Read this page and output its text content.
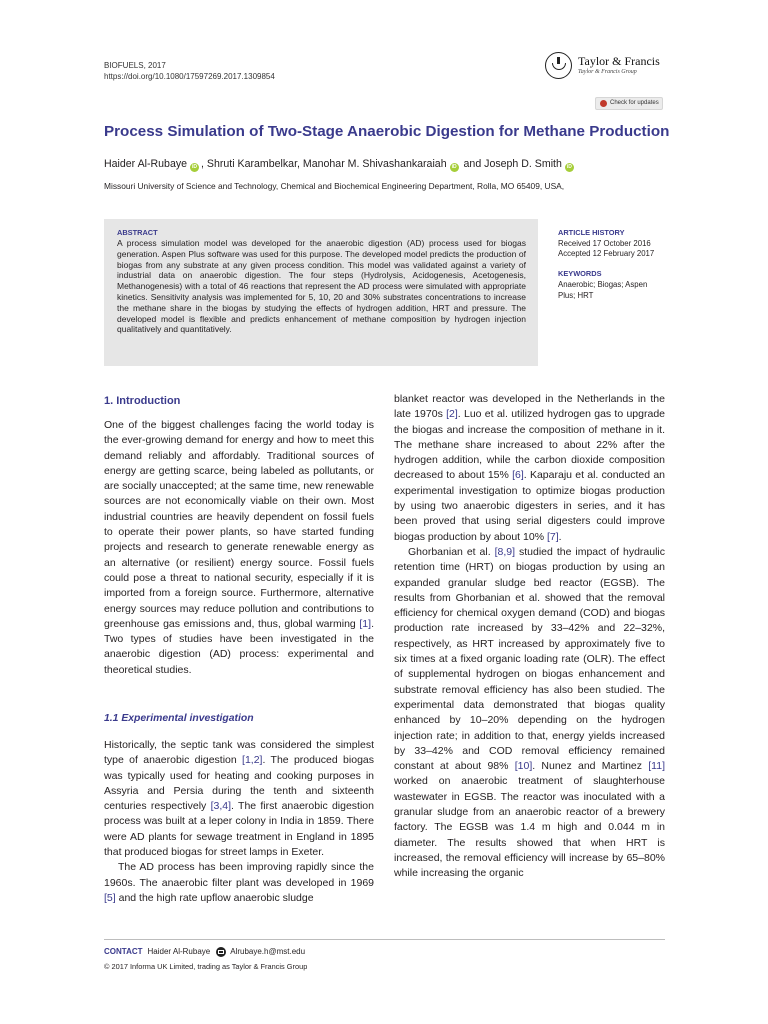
BIOFUELS, 2017
https://doi.org/10.1080/17597269.2017.1309854
Taylor & Francis
Taylor & Francis Group
Check for updates
Process Simulation of Two-Stage Anaerobic Digestion for Methane Production
Haider Al-Rubaye iD , Shruti Karambelkar, Manohar M. Shivashankaraiah iD and Joseph D. Smith iD
Missouri University of Science and Technology, Chemical and Biochemical Engineering Department, Rolla, MO 65409, USA,
ABSTRACT
A process simulation model was developed for the anaerobic digestion (AD) process used for biogas generation. Aspen Plus software was used for this purpose. The developed model predicts the production of biogas from any substrate at any given process condition. This model was validated against a variety of industrial data on anaerobic digestion. The four steps (Hydrolysis, Acidogenesis, Acetogenesis, Methanogenesis) with a total of 46 reactions that represent the AD process were simulated with appropriate kinetics. Sensitivity analysis was implemented for 5, 10, 20 and 30% substrates concentrations to increase the methane share in the biogas by studying the effects of hydrogen addition, HRT and pressure. The developed model is flexible and predicts enhancement of methane composition by hydrogen injection qualitatively and quantitatively.
ARTICLE HISTORY
Received 17 October 2016
Accepted 12 February 2017
KEYWORDS
Anaerobic; Biogas; Aspen Plus; HRT
1. Introduction

One of the biggest challenges facing the world today is the ever-growing demand for energy and how to meet this demand reliably and affordably. Traditional sources of energy are getting scarce, being labeled as pollutants, or are socially unaccepted; at the same time, new renewable sources are not economically viable on their own. Most industrial countries are heavily dependent on fossil fuels to operate their power plants, so have started funding projects and research to generate renewable energy as an alternative (or resilient) energy source. Fossil fuels could pose a threat to national security, especially if it is imported from a foreign source. Furthermore, alternative energy sources may reduce pollution and contributions to greenhouse gas emissions and, thus, global warming [1]. Two types of studies have been investigated in the anaerobic digestion (AD) process: experimental and theoretical studies.

1.1 Experimental investigation

Historically, the septic tank was considered the simplest type of anaerobic digestion [1,2]. The produced biogas was typically used for heating and cooking purposes in Assyria and Persia during the tenth and sixteenth centuries respectively [3,4]. The first anaerobic digestion process was built at a leper colony in India in 1859. There were AD plants for sewage treatment in England in 1895 that produced biogas for street lamps in Exeter.

The AD process has been improving rapidly since the 1960s. The anaerobic filter plant was developed in 1969 [5] and the high rate upflow anaerobic sludge

blanket reactor was developed in the Netherlands in the late 1970s [2]. Luo et al. utilized hydrogen gas to upgrade the biogas and increase the composition of methane in it. The methane share increased to about 22% after the hydrogen addition, while the carbon dioxide composition decreased to about 15% [6]. Kaparaju et al. conducted an experimental investigation to optimize biogas production by using two anaerobic digesters in series, and it has been proved that using serial digesters could improve biogas production by about 10% [7].

Ghorbanian et al. [8,9] studied the impact of hydraulic retention time (HRT) on biogas production by using an expanded granular sludge bed reactor (EGSB). The results from Ghorbanian et al. showed that the removal efficiency for chemical oxygen demand (COD) and biogas production rate increased by 33–42% and 22–32%, respectively, as HRT increased by approximately five to six times at a fixed organic loading rate (OLR). The effect of supplemental hydrogen on biogas enhancement and substrate removal efficiency has also been studied. The experimental data demonstrated that biogas quality enhanced by 10–20% depending on the hydrogen injection rate; in addition to that, energy yields increased by 33–42% and COD removal efficiency remained constant at about 98% [10]. Nunez and Martinez [11] worked on anaerobic treatment of slaughterhouse wastewater in EGSB. The reactor was inoculated with a granular sludge from an anaerobic reactor of a brewery factory. The EGSB was 1.4 m high and 0.044 m in diameter. The results showed that when HRT is increased, the removal efficiency will increase by 65–80% while increasing the organic

CONTACT Haider Al-Rubaye	Alrubaye.h@mst.edu
© 2017 Informa UK Limited, trading as Taylor & Francis Group
